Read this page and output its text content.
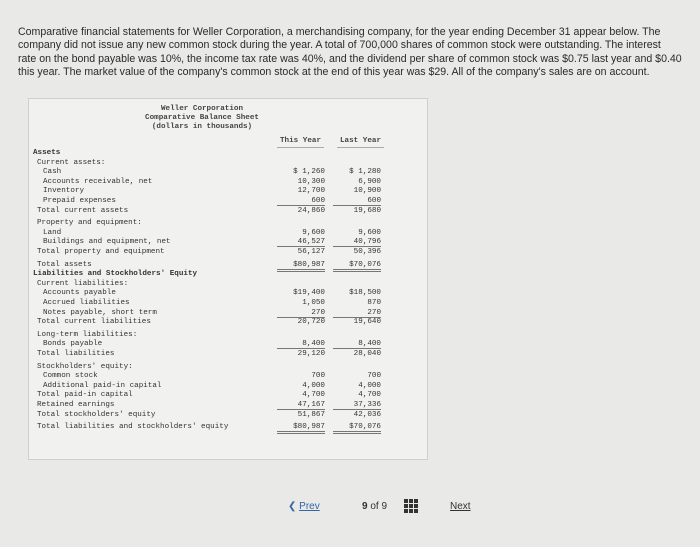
Comparative financial statements for Weller Corporation, a merchandising company, for the year ending December 31 appear below. The company did not issue any new common stock during the year. A total of 700,000 shares of common stock were outstanding. The interest rate on the bond payable was 10%, the income tax rate was 40%, and the dividend per share of common stock was $0.75 last year and $0.40 this year. The market value of the company's common stock at the end of this year was $29. All of the company's sales are on account.
Weller Corporation
Comparative Balance Sheet
(dollars in thousands)
This Year	Last Year
Assets
Current assets:
Cash	$ 1,260	$ 1,280
Accounts receivable, net	10,300	6,900
Inventory	12,700	10,900
Prepaid expenses	600	600
Total current assets	24,860	19,680
Property and equipment:
Land	9,600	9,600
Buildings and equipment, net	46,527	40,796
Total property and equipment	56,127	50,396
Total assets	$80,987	$70,076
Liabilities and Stockholders' Equity
Current liabilities:
Accounts payable	$19,400	$18,500
Accrued liabilities	1,050	870
Notes payable, short term	270	270
Total current liabilities	20,720	19,640
Long-term liabilities:
Bonds payable	8,400	8,400
Total liabilities	29,120	28,040
Stockholders' equity:
Common stock	700	700
Additional paid-in capital	4,000	4,000
Total paid-in capital	4,700	4,700
Retained earnings	47,167	37,336
Total stockholders' equity	51,867	42,036
Total liabilities and stockholders' equity	$80,987	$70,076
❮ Prev	9 of 9	Next
